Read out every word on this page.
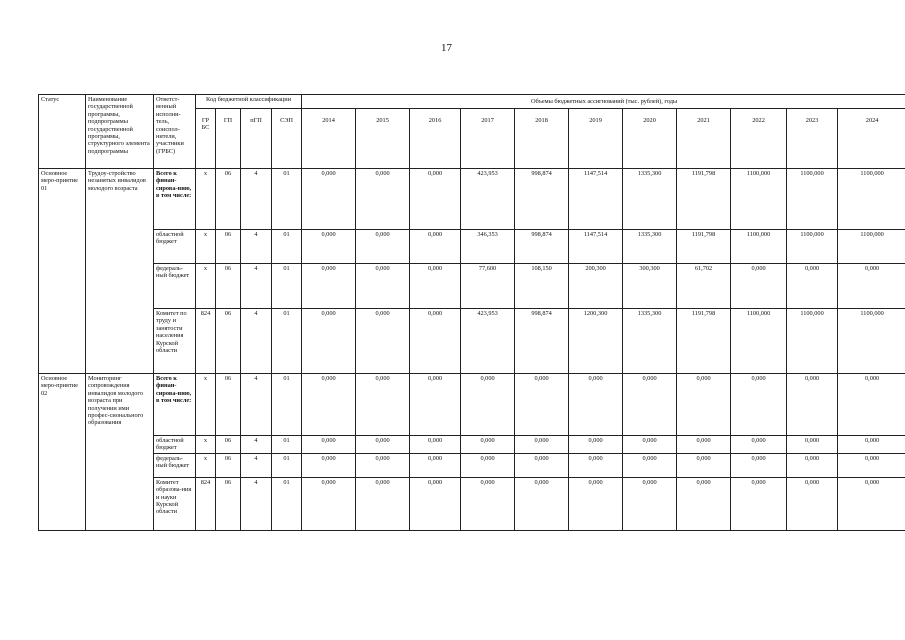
17
Статус	Наименование государственной программы, подпрограммы государственной программы, структурного элемента подпрограммы	Ответст-венный исполни-тель, соиспол-нители, участники (ГРБС)	Код бюджетной классификации				Объемы бюджетных ассигнований (тыс. рублей), годы										
			ГР БС	ГП	пГП	СЭП	2014	2015	2016	2017	2018	2019	2020	2021	2022	2023	2024
Основное меро-приятие 01	Трудоу-стройство незанятых инвалидов молодого возраста	Всего к финан-сирова-нию, в том числе:	х	06	4	01	0,000	0,000	0,000	423,953	998,874	1147,514	1335,300	1191,798	1100,000	1100,000	1100,000
		областной бюджет	х	06	4	01	0,000	0,000	0,000	346,353	998,874	1147,514	1335,300	1191,798	1100,000	1100,000	1100,000
		федераль-ный бюджет	х	06	4	01	0,000	0,000	0,000	77,600	108,150	200,300	300,300	61,702	0,000	0,000	0,000
		Комитет по труду и занятости населения Курской области	824	06	4	01	0,000	0,000	0,000	423,953	998,874	1200,300	1335,300	1191,798	1100,000	1100,000	1100,000
Основное меро-приятие 02	Мониторинг сопровождения инвалидов молодого возраста при получении ими профес-сионального образования	Всего к финан-сирова-нию, в том числе:	х	06	4	01	0,000	0,000	0,000	0,000	0,000	0,000	0,000	0,000	0,000	0,000	0,000
		областной бюджет	х	06	4	01	0,000	0,000	0,000	0,000	0,000	0,000	0,000	0,000	0,000	0,000	0,000
		федераль-ный бюджет	х	06	4	01	0,000	0,000	0,000	0,000	0,000	0,000	0,000	0,000	0,000	0,000	0,000
		Комитет образова-ния и науки Курской области	824	06	4	01	0,000	0,000	0,000	0,000	0,000	0,000	0,000	0,000	0,000	0,000	0,000
